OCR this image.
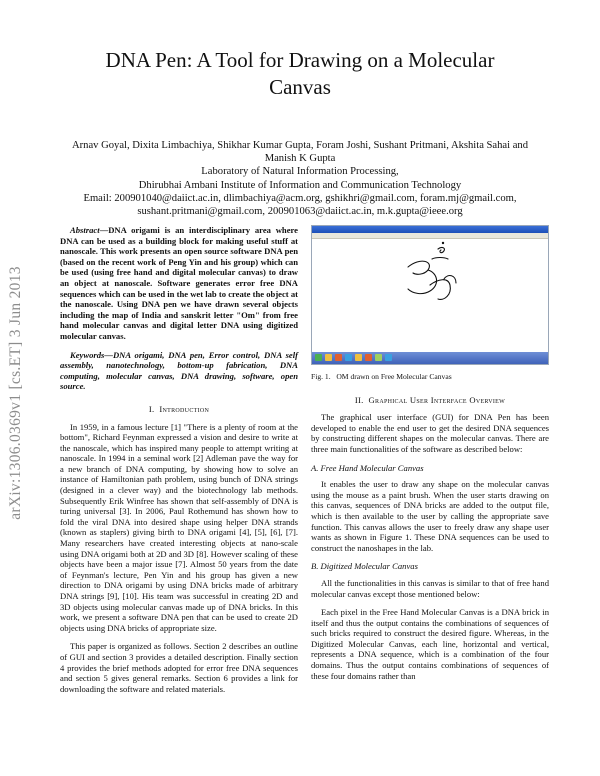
arXiv:1306.0369v1 [cs.ET] 3 Jun 2013
DNA Pen: A Tool for Drawing on a Molecular
Canvas
Arnav Goyal, Dixita Limbachiya, Shikhar Kumar Gupta, Foram Joshi, Sushant Pritmani, Akshita Sahai and
Manish K Gupta
Laboratory of Natural Information Processing,
Dhirubhai Ambani Institute of Information and Communication Technology
Email: 200901040@daiict.ac.in, dlimbachiya@acm.org, gshikhri@gmail.com, foram.mj@gmail.com,
sushant.pritmani@gmail.com, 200901063@daiict.ac.in, m.k.gupta@ieee.org

Abstract—DNA origami is an interdisciplinary area where DNA can be used as a building block for making useful stuff at nanoscale. This work presents an open source software DNA pen (based on the recent work of Peng Yin and his group) which can be used (using free hand and digital molecular canvas) to draw an object at nanoscale. Software generates error free DNA sequences which can be used in the wet lab to create the object at the nanoscale. Using DNA pen we have drawn several objects including the map of India and sanskrit letter "Om" from free hand molecular canvas and digital letter DNA using digitized molecular canvas.

Keywords—DNA origami, DNA pen, Error control, DNA self assembly, nanotechnology, bottom-up fabrication, DNA computing, molecular canvas, DNA drawing, software, open source.

I. Introduction

In 1959, in a famous lecture [1] "There is a plenty of room at the bottom", Richard Feynman expressed a vision and desire to write at the nanoscale, which has inspired many people to attempt writing at nanoscale. In 1994 in a seminal work [2] Adleman pave the way for a new branch of DNA computing, by showing how to solve an instance of Hamiltonian path problem, using bunch of DNA strings (designed in a clever way) and the biotechnology lab methods. Subsequently Erik Winfree has shown that self-assembly of DNA is turing universal [3]. In 2006, Paul Rothemund has shown how to fold the viral DNA into desired shape using helper DNA strands (known as staplers) giving birth to DNA origami [4], [5], [6], [7]. Many researchers have created interesting objects at nano-scale using DNA origami both at 2D and 3D [8]. However scaling of these objects have been a major issue [7]. Almost 50 years from the date of Feynman's lecture, Pen Yin and his group has given a new direction to DNA origami by using DNA bricks made of arbitrary DNA strings [9], [10]. His team was successful in creating 2D and 3D objects using molecular canvas made up of DNA bricks. In this work, we present a software DNA pen that can be used to create 2D objects using DNA bricks of appropriate size.

This paper is organized as follows. Section 2 describes an outline of GUI and section 3 provides a detailed description. Finally section 4 provides the brief methods adopted for error free DNA sequences and section 5 gives general remarks. Section 6 provides a link for downloading the software and related materials.

Fig. 1. OM drawn on Free Molecular Canvas
II. Graphical User Interface Overview

The graphical user interface (GUI) for DNA Pen has been developed to enable the end user to get the desired DNA sequences by constructing different shapes on the molecular canvas. There are three main functionalities of the software as described below:

A. Free Hand Molecular Canvas

It enables the user to draw any shape on the molecular canvas using the mouse as a paint brush. When the user starts drawing on this canvas, sequences of DNA bricks are added to the output file, which is then available to the user by calling the appropriate save function. This canvas allows the user to freely draw any shape user wants as shown in Figure 1. These DNA sequences can be used to construct the nanoshapes in the lab.

B. Digitized Molecular Canvas

All the functionalities in this canvas is similar to that of free hand molecular canvas except those mentioned below:

Each pixel in the Free Hand Molecular Canvas is a DNA brick in itself and thus the output contains the combinations of sequences of such bricks required to construct the desired figure. Whereas, in the Digitized Molecular Canvas, each line, horizontal and vertical, represents a DNA sequence, which is a combination of the four domains. Thus the output contains combinations of sequences of these four domains rather than
